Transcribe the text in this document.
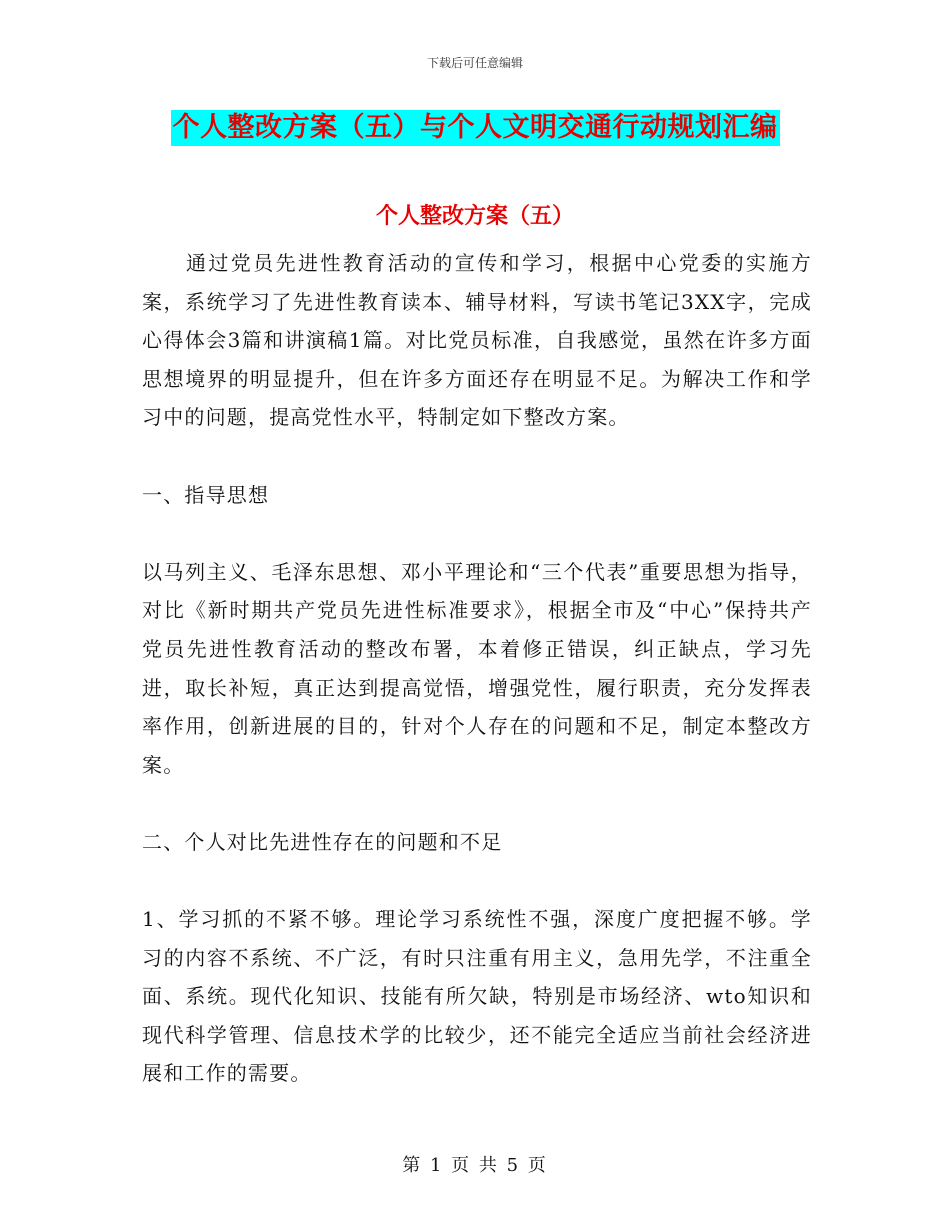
下载后可任意编辑
个人整改方案（五）与个人文明交通行动规划汇编
个人整改方案（五）

通过党员先进性教育活动的宣传和学习，根据中心党委的实施方案，系统学习了先进性教育读本、辅导材料，写读书笔记3XX字，完成心得体会3篇和讲演稿1篇。对比党员标准，自我感觉，虽然在许多方面思想境界的明显提升，但在许多方面还存在明显不足。为解决工作和学习中的问题，提高党性水平，特制定如下整改方案。

一、指导思想

以马列主义、毛泽东思想、邓小平理论和“三个代表”重要思想为指导，对比《新时期共产党员先进性标准要求》，根据全市及“中心”保持共产党员先进性教育活动的整改布署，本着修正错误，纠正缺点，学习先进，取长补短，真正达到提高觉悟，增强党性，履行职责，充分发挥表率作用，创新进展的目的，针对个人存在的问题和不足，制定本整改方案。

二、个人对比先进性存在的问题和不足

1、学习抓的不紧不够。理论学习系统性不强，深度广度把握不够。学习的内容不系统、不广泛，有时只注重有用主义，急用先学，不注重全面、系统。现代化知识、技能有所欠缺，特别是市场经济、wto知识和现代科学管理、信息技术学的比较少，还不能完全适应当前社会经济进展和工作的需要。

第 1 页 共 5 页
